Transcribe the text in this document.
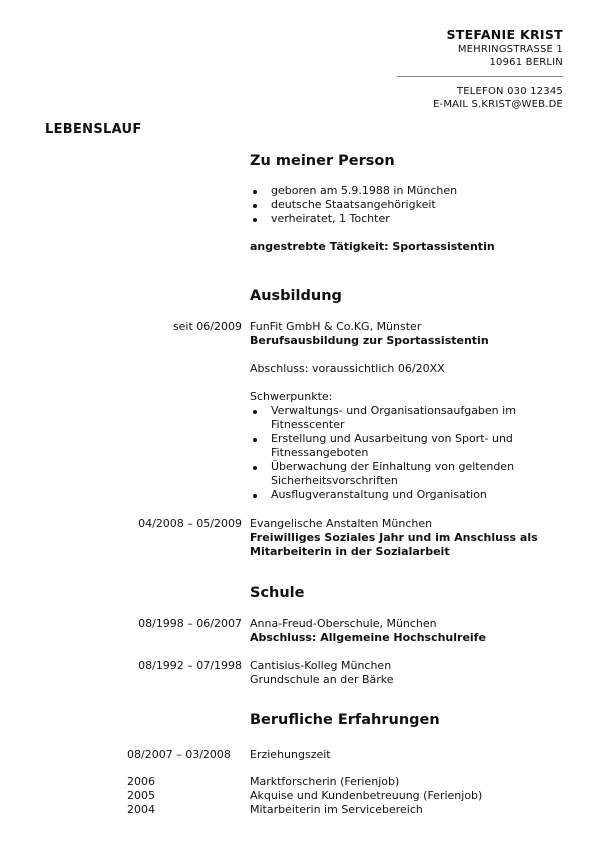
STEFANIE KRIST
MEHRINGSTRASSE 1
10961 BERLIN
TELEFON 030 12345
E-MAIL S.KRIST@WEB.DE
LEBENSLAUF
Zu meiner Person
geboren am 5.9.1988 in München
deutsche Staatsangehörigkeit
verheiratet, 1 Tochter
angestrebte Tätigkeit: Sportassistentin
Ausbildung
seit 06/2009 FunFit GmbH & Co.KG, Münster
Berufsausbildung zur Sportassistentin
Abschluss: voraussichtlich 06/20XX
Schwerpunkte:
Verwaltungs- und Organisationsaufgaben im Fitnesscenter
Erstellung und Ausarbeitung von Sport- und Fitnessangeboten
Überwachung der Einhaltung von geltenden Sicherheitsvorschriften
Ausflugveranstaltung und Organisation
04/2008 – 05/2009 Evangelische Anstalten München
Freiwilliges Soziales Jahr und im Anschluss als Mitarbeiterin in der Sozialarbeit
Schule
08/1998 – 06/2007 Anna-Freud-Oberschule, München
Abschluss: Allgemeine Hochschulreife
08/1992 – 07/1998 Cantisius-Kolleg München
Grundschule an der Bärke
Berufliche Erfahrungen
08/2007 – 03/2008 Erziehungszeit
2006	Marktforscherin (Ferienjob)
2005	Akquise und Kundenbetreuung (Ferienjob)
2004	Mitarbeiterin im Servicebereich
